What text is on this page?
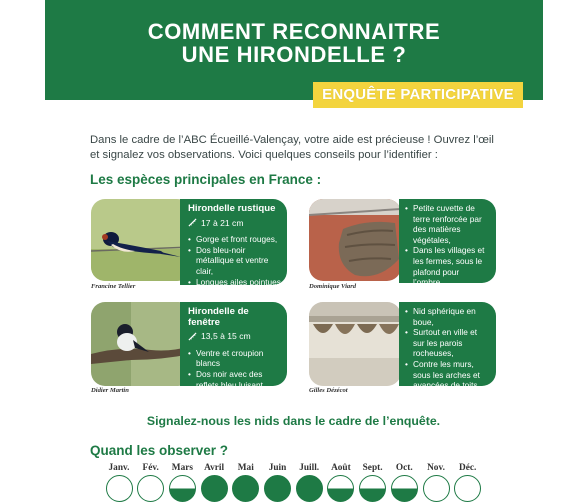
COMMENT RECONNAITRE
UNE HIRONDELLE ?
ENQUÊTE PARTICIPATIVE
Dans le cadre de l’ABC Écueillé-Valençay, votre aide est précieuse ! Ouvrez l’œil et signalez vos observations. Voici quelques conseils pour l’identifier :
Les espèces principales en France :
Hirondelle rustique
17 à 21 cm
• Gorge et front rouges,
• Dos bleu-noir métallique et ventre clair,
• Longues ailes pointues et queue fourchue.
Francine Tellier
• Petite cuvette de terre renforcée par des matières végétales,
• Dans les villages et les fermes, sous le plafond pour l’ombre.
Dominique Viard
Hirondelle de fenêtre
13,5 à 15 cm
• Ventre et croupion blancs
• Dos noir avec des reflets bleu luisant,
• Courte queue noire.
Didier Martin
• Nid sphérique en boue,
• Surtout en ville et sur les parois rocheuses,
• Contre les murs, sous les arches et avancées de toits.
Gilles Dézécot
Signalez-nous les nids dans le cadre de l’enquête.
Quand les observer ?
Janv.	Fév.	Mars	Avril	Mai	Juin	Juill.	Août	Sept.	Oct.	Nov.	Déc.
